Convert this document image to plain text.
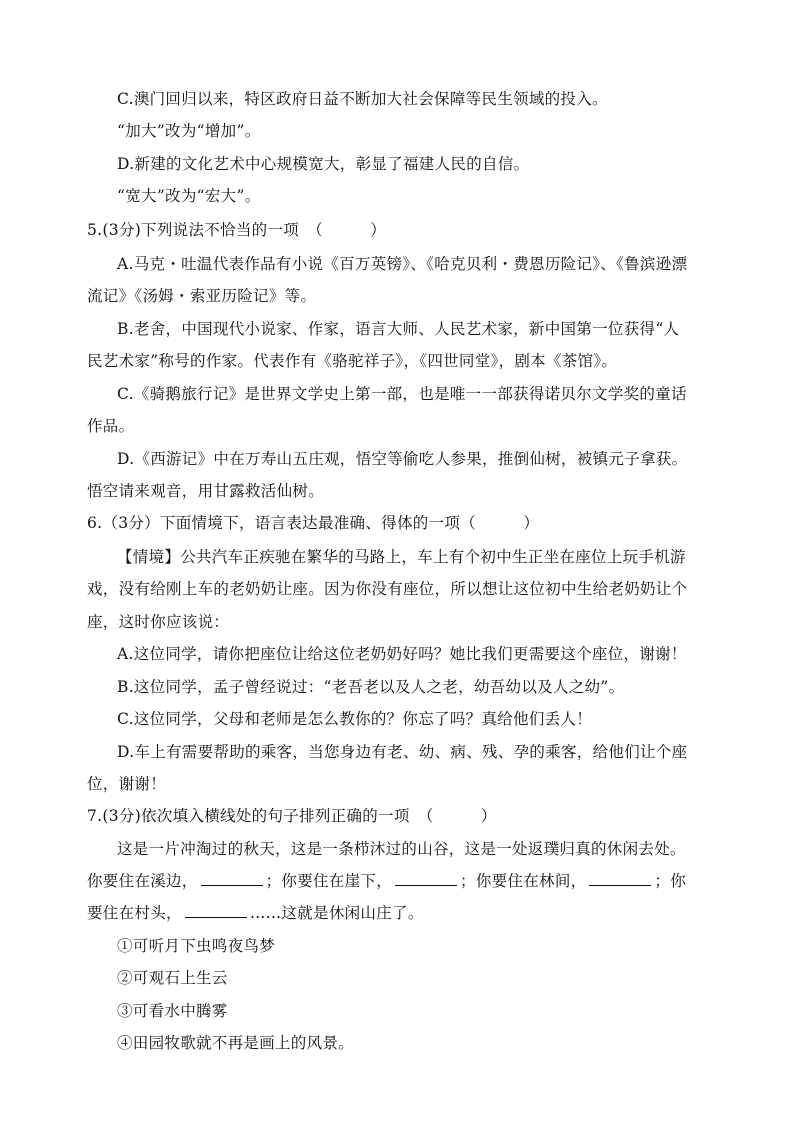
C.澳门回归以来，特区政府日益不断加大社会保障等民生领域的投入。
“加大”改为“增加”。
D.新建的文化艺术中心规模宽大，彰显了福建人民的自信。
“宽大”改为“宏大”。
5.(3分)下列说法不恰当的一项　（　　　）
A.马克・吐温代表作品有小说《百万英镑》、《哈克贝利・费恩历险记》、《鲁滨逊漂
流记》《汤姆・索亚历险记》等。
B.老舍，中国现代小说家、作家，语言大师、人民艺术家，新中国第一位获得“人
民艺术家”称号的作家。代表作有《骆驼祥子》，《四世同堂》，剧本《茶馆》。
C.《骑鹅旅行记》是世界文学史上第一部，也是唯一一部获得诺贝尔文学奖的童话
作品。
D.《西游记》中在万寿山五庄观，悟空等偷吃人参果，推倒仙树，被镇元子拿获。
悟空请来观音，用甘露救活仙树。
6.（3分）下面情境下，语言表达最准确、得体的一项（　　　）
【情境】公共汽车正疾驰在繁华的马路上，车上有个初中生正坐在座位上玩手机游
戏，没有给刚上车的老奶奶让座。因为你没有座位，所以想让这位初中生给老奶奶让个
座，这时你应该说：
A.这位同学，请你把座位让给这位老奶奶好吗？她比我们更需要这个座位，谢谢！
B.这位同学，孟子曾经说过：“老吾老以及人之老，幼吾幼以及人之幼”。
C.这位同学，父母和老师是怎么教你的？你忘了吗？真给他们丢人！
D.车上有需要帮助的乘客，当您身边有老、幼、病、残、孕的乘客，给他们让个座
位，谢谢！
7.(3分)依次填入横线处的句子排列正确的一项　（　　　）
这是一片冲淘过的秋天，这是一条栉沐过的山谷，这是一处返璞归真的休闲去处。
你要住在溪边，	；你要住在崖下，	；你要住在林间，	；你
要住在村头，	……这就是休闲山庄了。
①可听月下虫鸣夜鸟梦
②可观石上生云
③可看水中腾雾
④田园牧歌就不再是画上的风景。
